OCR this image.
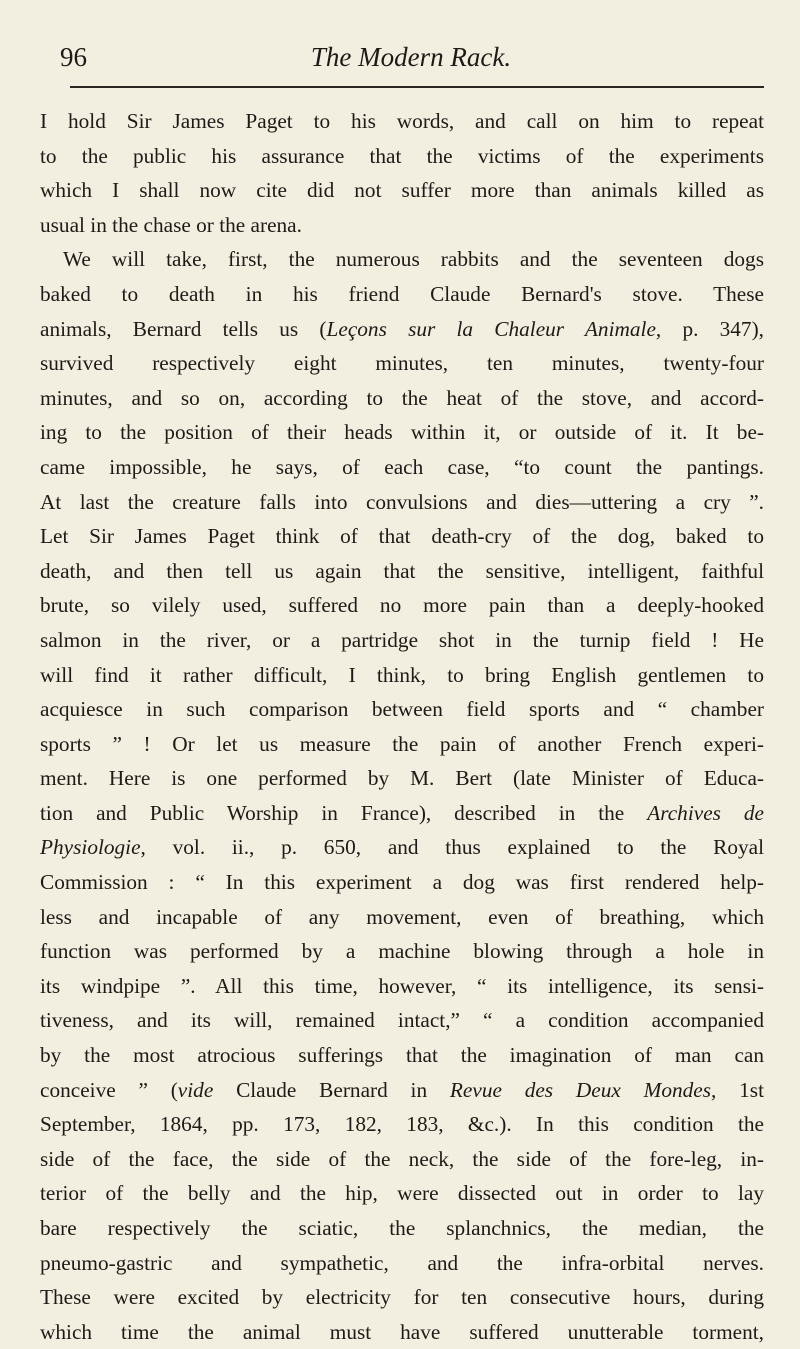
96	The Modern Rack.
I hold Sir James Paget to his words, and call on him to repeat
to the public his assurance that the victims of the experiments
which I shall now cite did not suffer more than animals killed as
usual in the chase or the arena.
We will take, first, the numerous rabbits and the seventeen dogs
baked to death in his friend Claude Bernard's stove. These
animals, Bernard tells us (Leçons sur la Chaleur Animale, p. 347),
survived respectively eight minutes, ten minutes, twenty-four
minutes, and so on, according to the heat of the stove, and accord-
ing to the position of their heads within it, or outside of it. It be-
came impossible, he says, of each case, “to count the pantings.
At last the creature falls into convulsions and dies—uttering a cry ”.
Let Sir James Paget think of that death-cry of the dog, baked to
death, and then tell us again that the sensitive, intelligent, faithful
brute, so vilely used, suffered no more pain than a deeply-hooked
salmon in the river, or a partridge shot in the turnip field ! He
will find it rather difficult, I think, to bring English gentlemen to
acquiesce in such comparison between field sports and “ chamber
sports ” ! Or let us measure the pain of another French experi-
ment. Here is one performed by M. Bert (late Minister of Educa-
tion and Public Worship in France), described in the Archives de
Physiologie, vol. ii., p. 650, and thus explained to the Royal
Commission : “ In this experiment a dog was first rendered help-
less and incapable of any movement, even of breathing, which
function was performed by a machine blowing through a hole in
its windpipe ”. All this time, however, “ its intelligence, its sensi-
tiveness, and its will, remained intact,” “ a condition accompanied
by the most atrocious sufferings that the imagination of man can
conceive ” (vide Claude Bernard in Revue des Deux Mondes, 1st
September, 1864, pp. 173, 182, 183, &c.). In this condition the
side of the face, the side of the neck, the side of the fore-leg, in-
terior of the belly and the hip, were dissected out in order to lay
bare respectively the sciatic, the splanchnics, the median, the
pneumo-gastric and sympathetic, and the infra-orbital nerves.
These were excited by electricity for ten consecutive hours, during
which time the animal must have suffered unutterable torment,
